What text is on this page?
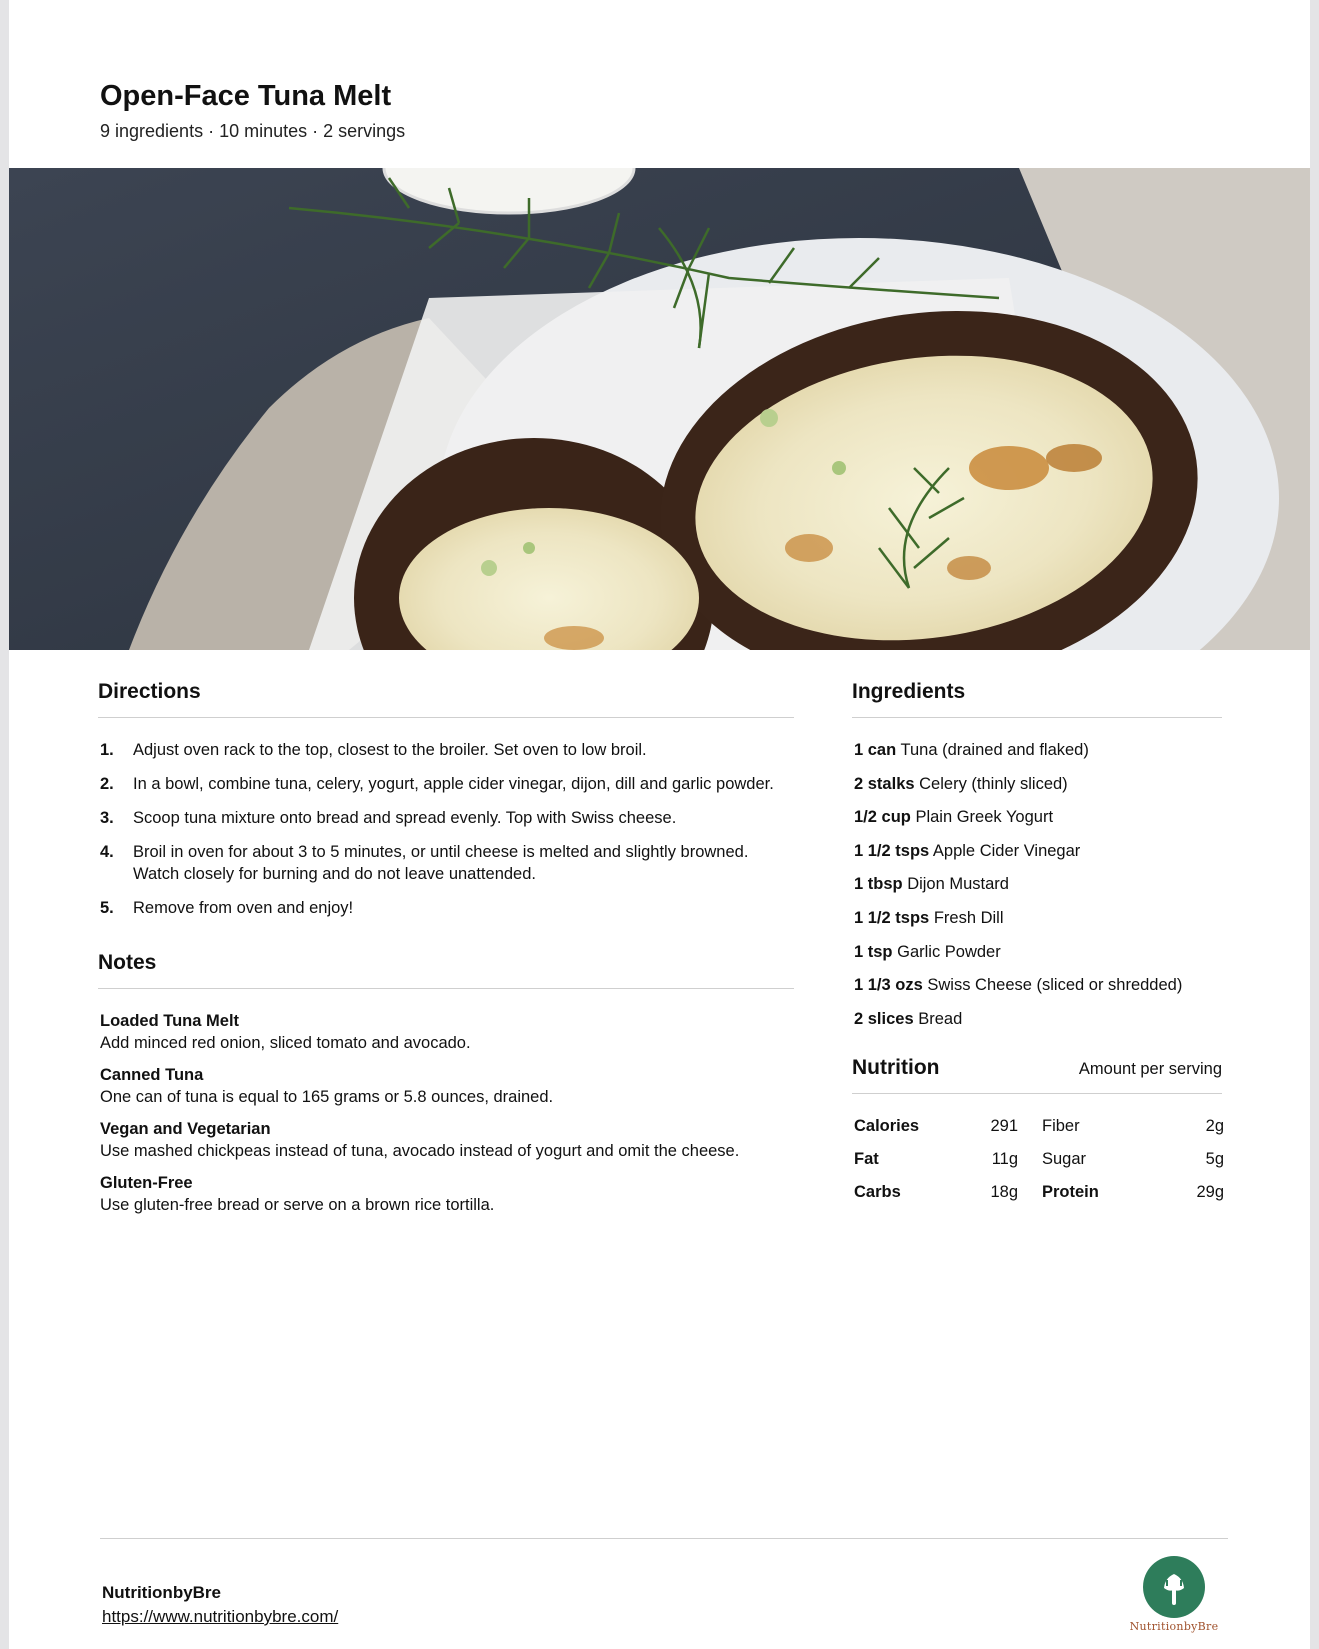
Open-Face Tuna Melt
9 ingredients · 10 minutes · 2 servings
Directions
1.	Adjust oven rack to the top, closest to the broiler. Set oven to low broil.
2.	In a bowl, combine tuna, celery, yogurt, apple cider vinegar, dijon, dill and garlic powder.
3.	Scoop tuna mixture onto bread and spread evenly. Top with Swiss cheese.
4.	Broil in oven for about 3 to 5 minutes, or until cheese is melted and slightly browned. Watch closely for burning and do not leave unattended.
5.	Remove from oven and enjoy!
Notes
Loaded Tuna Melt
Add minced red onion, sliced tomato and avocado.
Canned Tuna
One can of tuna is equal to 165 grams or 5.8 ounces, drained.
Vegan and Vegetarian
Use mashed chickpeas instead of tuna, avocado instead of yogurt and omit the cheese.
Gluten-Free
Use gluten-free bread or serve on a brown rice tortilla.
Ingredients
1 can Tuna (drained and flaked)
2 stalks Celery (thinly sliced)
1/2 cup Plain Greek Yogurt
1 1/2 tsps Apple Cider Vinegar
1 tbsp Dijon Mustard
1 1/2 tsps Fresh Dill
1 tsp Garlic Powder
1 1/3 ozs Swiss Cheese (sliced or shredded)
2 slices Bread
Nutrition	Amount per serving
Calories	291 Fiber	2g
Fat	11g Sugar	5g
Carbs	18g Protein	29g
NutritionbyBre
https://www.nutritionbybre.com/
NutritionbyBre
